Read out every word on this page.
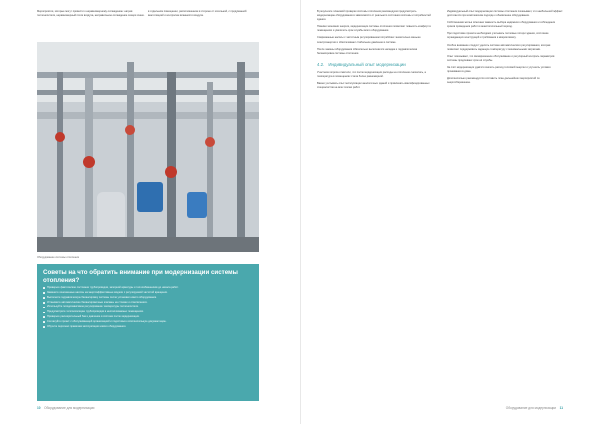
Мероприятия, которые могут привести к неравномерному охлаждению: нагрев теплоносителя, неравномерный поток воздуха, неправильное охлаждение секции ячеек.

в отдельном помещении, расположенном в стороне от котельной, с продуманной вентиляцией и контролем влажности воздуха.

Оборудование системы отопления
Советы на что обратить внимание при модернизации системы отопления?
Проверьте фактическое состояние трубопроводов, запорной арматуры и теплообменников до начала работ.
Замените изношенные насосы на энергоэффективные модели с регулируемой частотой вращения.
Выполните гидравлическую балансировку системы после установки нового оборудования.
Установите автоматические балансировочные клапаны на стояках и ответвлениях.
Используйте погодозависимое регулирование температуры теплоносителя.
Предусмотрите теплоизоляцию трубопроводов в неотапливаемых помещениях.
Проверьте расширительный бак и давление в системе после модернизации.
Согласуйте проект с обслуживающей организацией и подготовьте исполнительную документацию.
Обучите персонал правилам эксплуатации нового оборудования.
10 Оборудование для модернизации

В результате плановой проверки системы отопления рекомендуем предусмотреть модернизацию оборудования в зависимости от реального состояния системы и потребностей здания.

Помимо экономии энергии, модернизация системы отопления позволяет повысить комфорт в помещениях и увеличить срок службы всего оборудования.

Современные насосы с частотным регулированием потребляют значительно меньше электроэнергии и обеспечивают стабильное давление в системе.

После замены оборудования обязательно выполняется наладка и гидравлическая балансировка системы отопления.

4.2. Индивидуальный опыт модернизации

Участники опроса отметили, что после модернизации расходы на отопление снизились, а температура в помещениях стала более равномерной.

Важно учитывать опыт эксплуатации аналогичных зданий и привлекать квалифицированных специалистов на всех этапах работ.

Индивидуальный опыт модернизации системы отопления показывает, что наибольший эффект достигается при комплексном подходе к обновлению оборудования.

Собственники жилья отмечают важность выбора надёжного оборудования и соблюдения сроков проведения работ в межотопительный период.

При подготовке проекта необходимо учитывать тепловые потери здания, состояние ограждающих конструкций и требования к микроклимату.

Особое внимание следует уделять системе автоматического регулирования, которая позволяет поддерживать заданную температуру с минимальными затратами.

Опыт показывает, что своевременное обслуживание и регулярный контроль параметров системы продлевают срок её службы.

За счёт модернизации удаётся снизить расход тепловой энергии и улучшить условия проживания в доме.

Дополнительно рекомендуется составить план дальнейших мероприятий по энергосбережению.

Оборудование для модернизации 11
